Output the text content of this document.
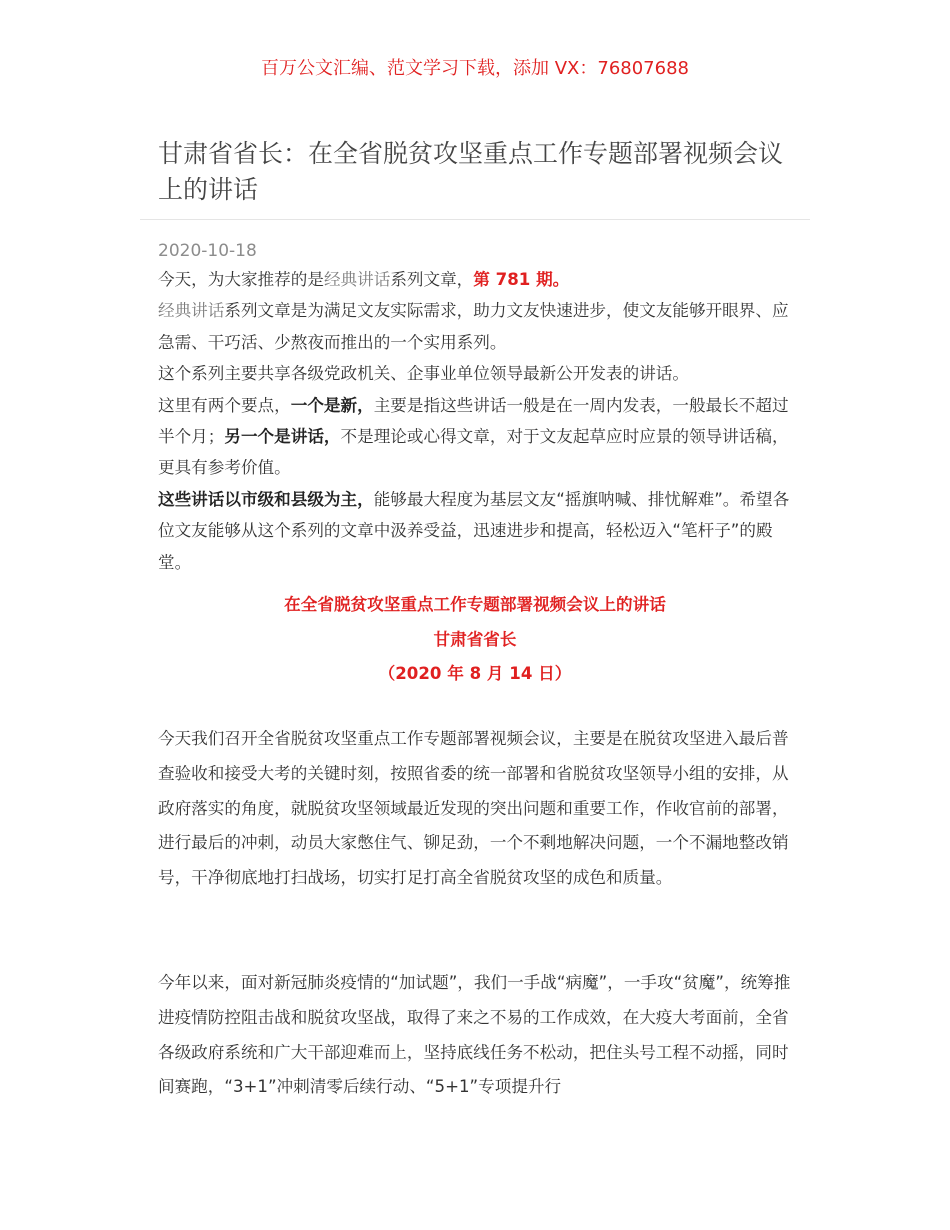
百万公文汇编、范文学习下载，添加 VX：76807688
甘肃省省长：在全省脱贫攻坚重点工作专题部署视频会议上的讲话
2020-10-18

今天，为大家推荐的是经典讲话系列文章，第 781 期。

经典讲话系列文章是为满足文友实际需求，助力文友快速进步，使文友能够开眼界、应急需、干巧活、少熬夜而推出的一个实用系列。

这个系列主要共享各级党政机关、企事业单位领导最新公开发表的讲话。

这里有两个要点，一个是新，主要是指这些讲话一般是在一周内发表，一般最长不超过半个月；另一个是讲话，不是理论或心得文章，对于文友起草应时应景的领导讲话稿，更具有参考价值。

这些讲话以市级和县级为主，能够最大程度为基层文友“摇旗呐喊、排忧解难”。希望各位文友能够从这个系列的文章中汲养受益，迅速进步和提高，轻松迈入“笔杆子”的殿堂。

在全省脱贫攻坚重点工作专题部署视频会议上的讲话
甘肃省省长
（2020 年 8 月 14 日）

今天我们召开全省脱贫攻坚重点工作专题部署视频会议，主要是在脱贫攻坚进入最后普查验收和接受大考的关键时刻，按照省委的统一部署和省脱贫攻坚领导小组的安排，从政府落实的角度，就脱贫攻坚领域最近发现的突出问题和重要工作，作收官前的部署，进行最后的冲刺，动员大家憋住气、铆足劲，一个不剩地解决问题，一个不漏地整改销号，干净彻底地打扫战场，切实打足打高全省脱贫攻坚的成色和质量。

今年以来，面对新冠肺炎疫情的“加试题”，我们一手战“病魔”，一手攻“贫魔”，统筹推进疫情防控阻击战和脱贫攻坚战，取得了来之不易的工作成效，在大疫大考面前，全省各级政府系统和广大干部迎难而上，坚持底线任务不松动，把住头号工程不动摇，同时间赛跑，“3+1”冲刺清零后续行动、“5+1”专项提升行
